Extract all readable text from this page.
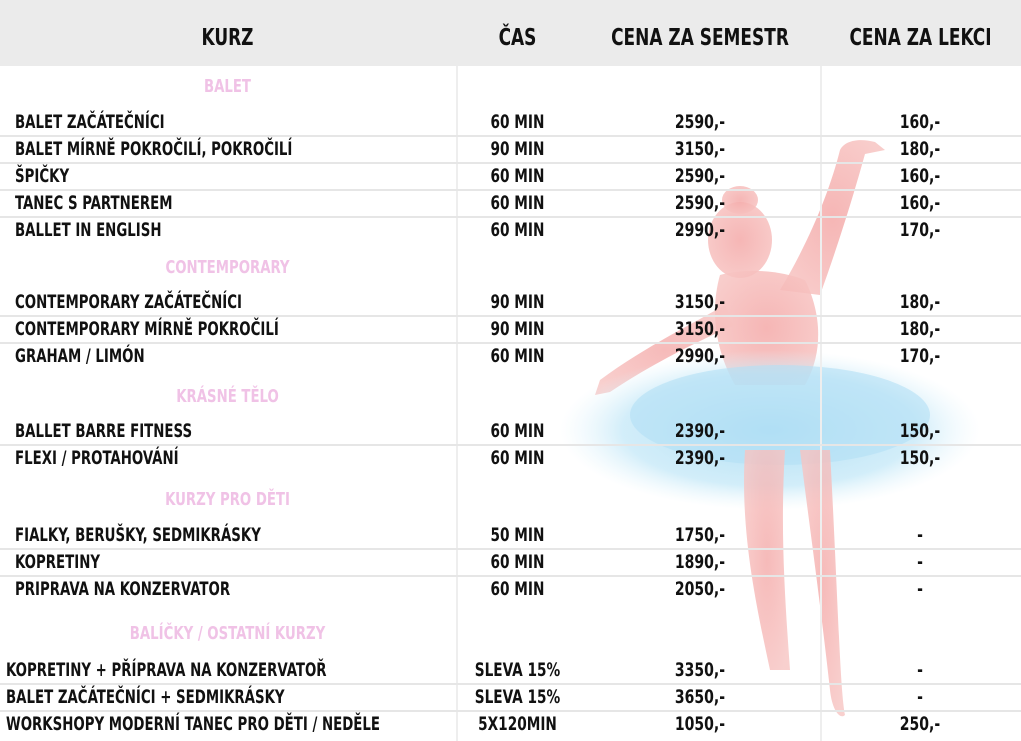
KURZ	ČAS	CENA ZA SEMESTR	CENA ZA LEKCI
BALET
BALET ZAČÁTEČNÍCI	60 MIN	2590,-	160,-
BALET MÍRNĚ POKROČILÍ, POKROČILÍ	90 MIN	3150,-	180,-
ŠPIČKY	60 MIN	2590,-	160,-
TANEC S PARTNEREM	60 MIN	2590,-	160,-
BALLET IN ENGLISH	60 MIN	2990,-	170,-
CONTEMPORARY
CONTEMPORARY ZAČÁTEČNÍCI	90 MIN	3150,-	180,-
CONTEMPORARY MÍRNĚ POKROČILÍ	90 MIN	3150,-	180,-
GRAHAM / LIMÓN	60 MIN	2990,-	170,-
KRÁSNÉ TĚLO
BALLET BARRE FITNESS	60 MIN	2390,-	150,-
FLEXI / PROTAHOVÁNÍ	60 MIN	2390,-	150,-
KURZY PRO DĚTI
FIALKY, BERUŠKY, SEDMIKRÁSKY	50 MIN	1750,-	-
KOPRETINY	60 MIN	1890,-	-
PRIPRAVA NA KONZERVATOR	60 MIN	2050,-	-
BALÍČKY / OSTATNÍ KURZY
KOPRETINY + PŘÍPRAVA NA KONZERVATOŘ	SLEVA 15%	3350,-	-
BALET ZAČÁTEČNÍCI + SEDMIKRÁSKY	SLEVA 15%	3650,-	-
WORKSHOPY MODERNÍ TANEC PRO DĚTI / NEDĚLE	5X120MIN	1050,-	250,-
